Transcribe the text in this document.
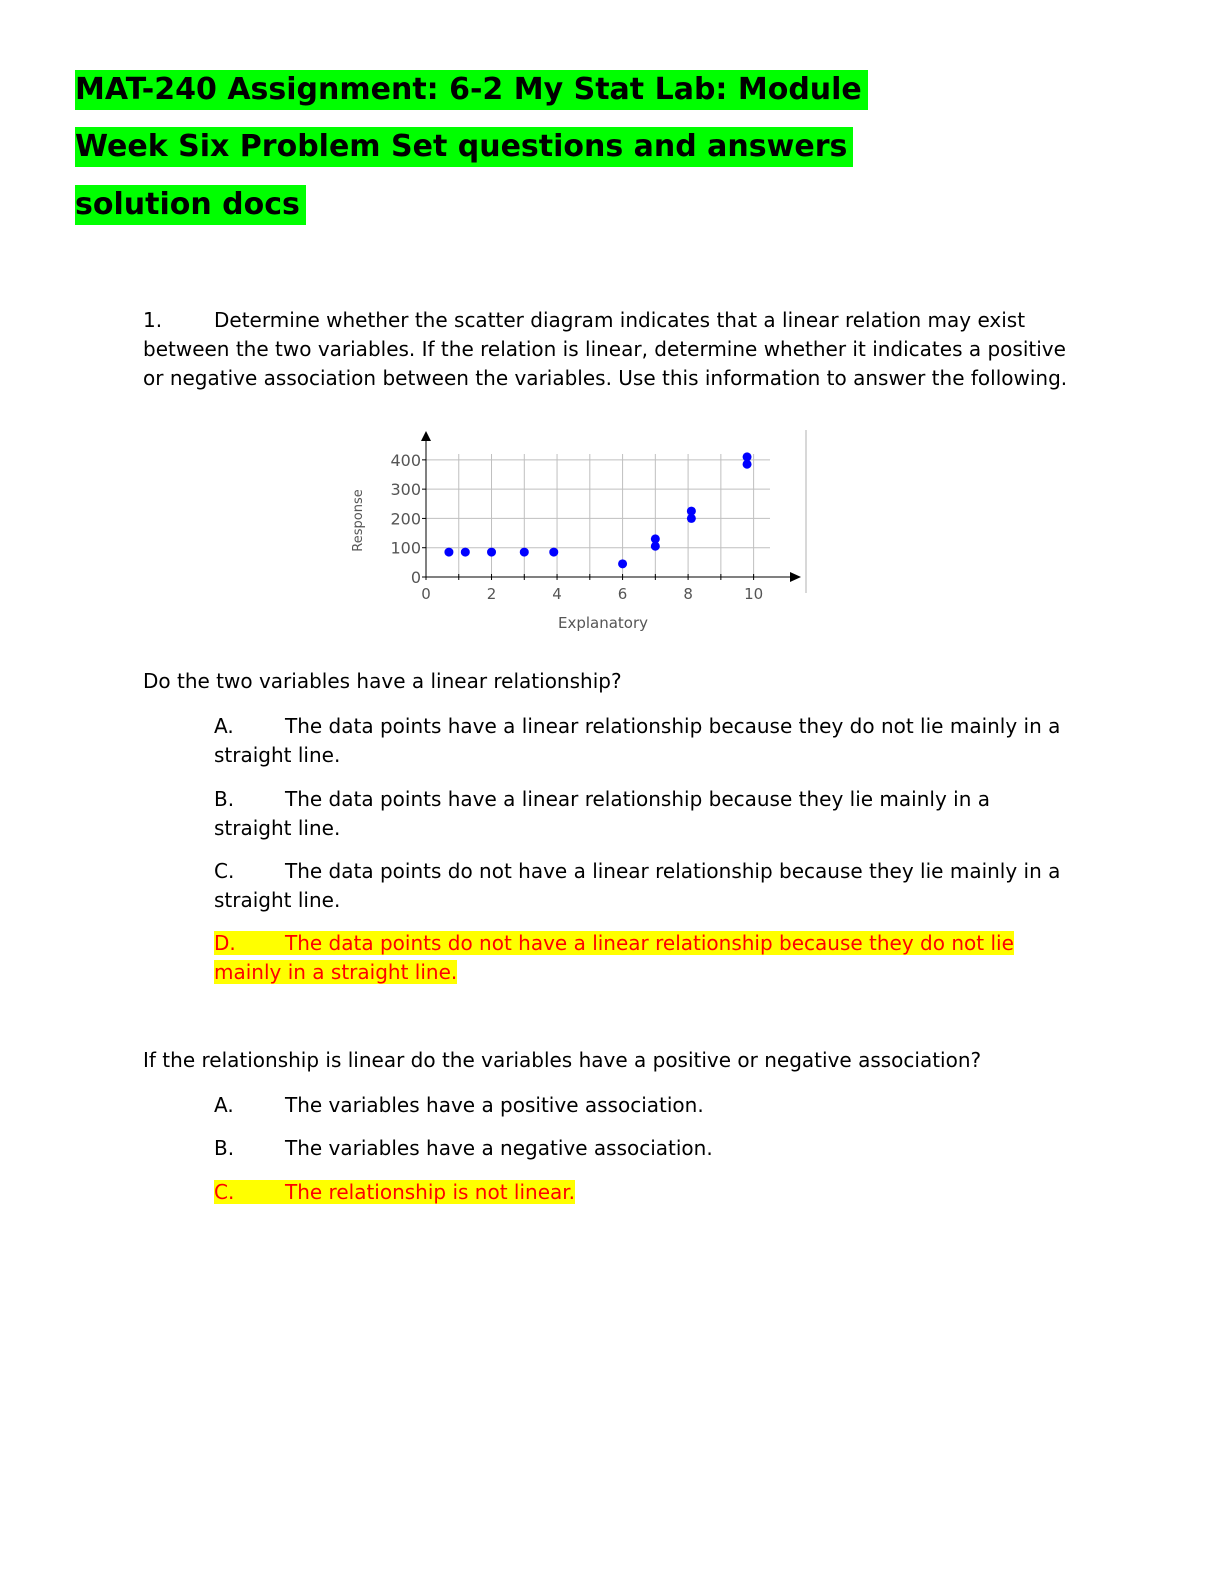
MAT-240 Assignment: 6-2 My Stat Lab: Module
Week Six Problem Set questions and answers
solution docs
1.	Determine whether the scatter diagram indicates that a linear relation may exist between the two variables. If the relation is linear, determine whether it indicates a positive or negative association between the variables. Use this information to answer the following.
0	2	4	6	8	10
0
100
200
300
400
Explanatory
Response
Do the two variables have a linear relationship?
A.	The data points have a linear relationship because they do not lie mainly in a straight line.
B.	The data points have a linear relationship because they lie mainly in a straight line.
C.	The data points do not have a linear relationship because they lie mainly in a straight line.
D. The data points do not have a linear relationship because they do not lie mainly in a straight line.
If the relationship is linear do the variables have a positive or negative association?
A.	The variables have a positive association.
B.	The variables have a negative association.
C.	The relationship is not linear.
